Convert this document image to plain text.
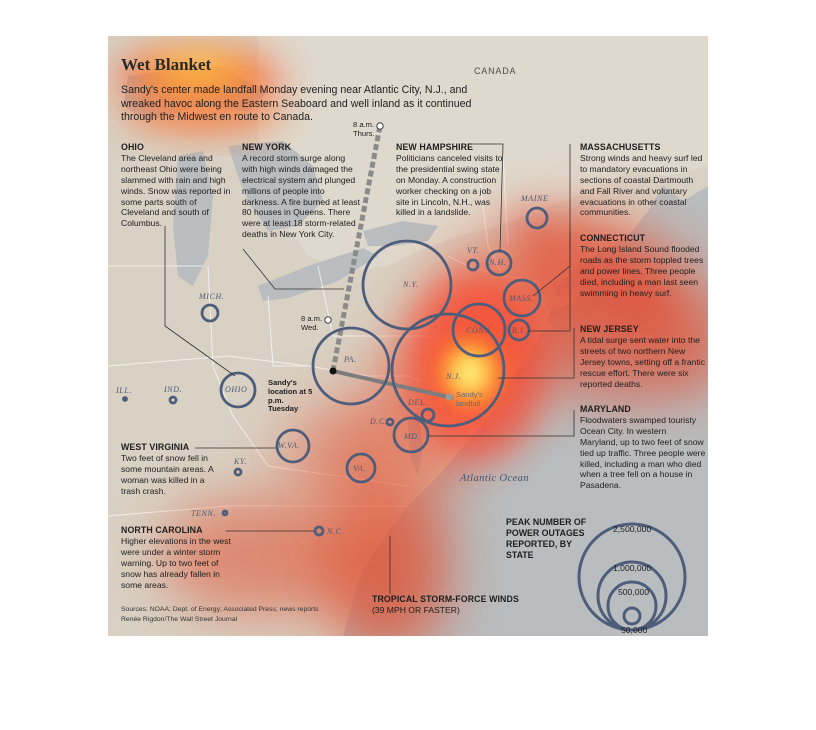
Wet Blanket
Sandy's center made landfall Monday evening near Atlantic City, N.J., and wreaked havoc along the Eastern Seaboard and well inland as it continued through the Midwest en route to Canada.
CANADA
Atlantic Ocean
MAINE
VT.
N.H.
MASS.
R.I.
CONN.
N.Y.
N.J.
PA.
DEL.
MD.
D.C.
VA.
W.VA.
OHIO
MICH.
IND.
ILL.
KY.
TENN.
N.C.
8 a.m. Thurs.
8 a.m. Wed.
Sandy's location at 5 p.m. Tuesday
Sandy's landfall
OHIO
The Cleveland area and northeast Ohio were being slammed with rain and high winds. Snow was reported in some parts south of Cleveland and south of Columbus.
NEW YORK
A record storm surge along with high winds damaged the electrical system and plunged millions of people into darkness. A fire burned at least 80 houses in Queens. There were at least 18 storm-related deaths in New York City.
NEW HAMPSHIRE
Politicians canceled visits to the presidential swing state on Monday. A construction worker checking on a job site in Lincoln, N.H., was killed in a landslide.
MASSACHUSETTS
Strong winds and heavy surf led to mandatory evacuations in sections of coastal Dartmouth and Fall River and voluntary evacuations in other coastal communities.
CONNECTICUT
The Long Island Sound flooded roads as the storm toppled trees and power lines. Three people died, including a man last seen swimming in heavy surf.
NEW JERSEY
A tidal surge sent water into the streets of two northern New Jersey towns, setting off a frantic rescue effort. There were six reported deaths.
MARYLAND
Floodwaters swamped touristy Ocean City. In western Maryland, up to two feet of snow tied up traffic. Three people were killed, including a man who died when a tree fell on a house in Pasadena.
WEST VIRGINIA
Two feet of snow fell in some mountain areas. A woman was killed in a trash crash.
NORTH CAROLINA
Higher elevations in the west were under a winter storm warning. Up to two feet of snow has already fallen in some areas.
TROPICAL STORM-FORCE WINDS
(39 MPH OR FASTER)
PEAK NUMBER OF POWER OUTAGES REPORTED, BY STATE
2,500,000
1,000,000
500,000
50,000
Sources: NOAA; Dept. of Energy; Associated Press; news reports
Renée Rigdon/The Wall Street Journal
